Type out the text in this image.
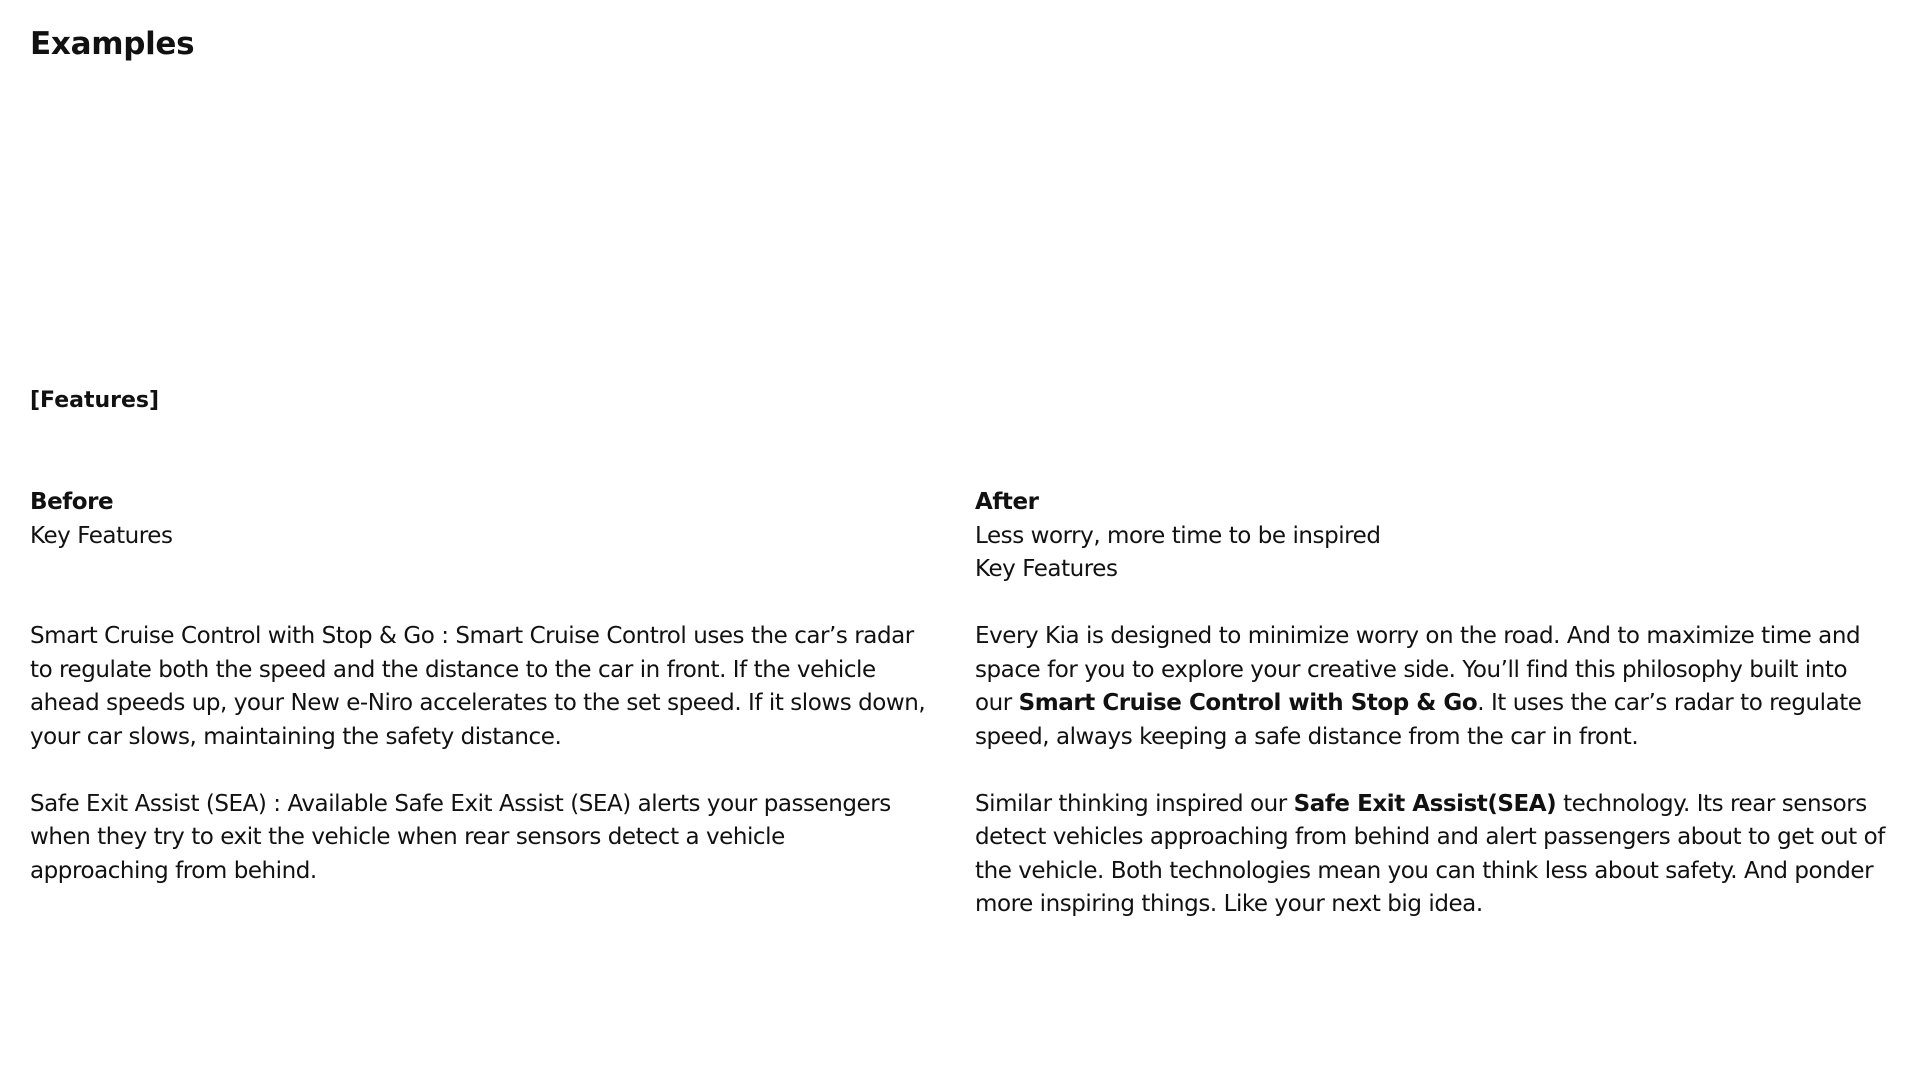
Examples
[Features]

Before

Key Features

Smart Cruise Control with Stop & Go : Smart Cruise Control uses the car’s radar

to regulate both the speed and the distance to the car in front. If the vehicle

ahead speeds up, your New e-Niro accelerates to the set speed. If it slows down,

your car slows, maintaining the safety distance.

Safe Exit Assist (SEA) : Available Safe Exit Assist (SEA) alerts your passengers

when they try to exit the vehicle when rear sensors detect a vehicle

approaching from behind.

After

Less worry, more time to be inspired

Key Features

Every Kia is designed to minimize worry on the road. And to maximize time and

space for you to explore your creative side. You’ll find this philosophy built into

our Smart Cruise Control with Stop & Go. It uses the car’s radar to regulate

speed, always keeping a safe distance from the car in front.

Similar thinking inspired our Safe Exit Assist(SEA) technology. Its rear sensors

detect vehicles approaching from behind and alert passengers about to get out of

the vehicle. Both technologies mean you can think less about safety. And ponder

more inspiring things. Like your next big idea.
